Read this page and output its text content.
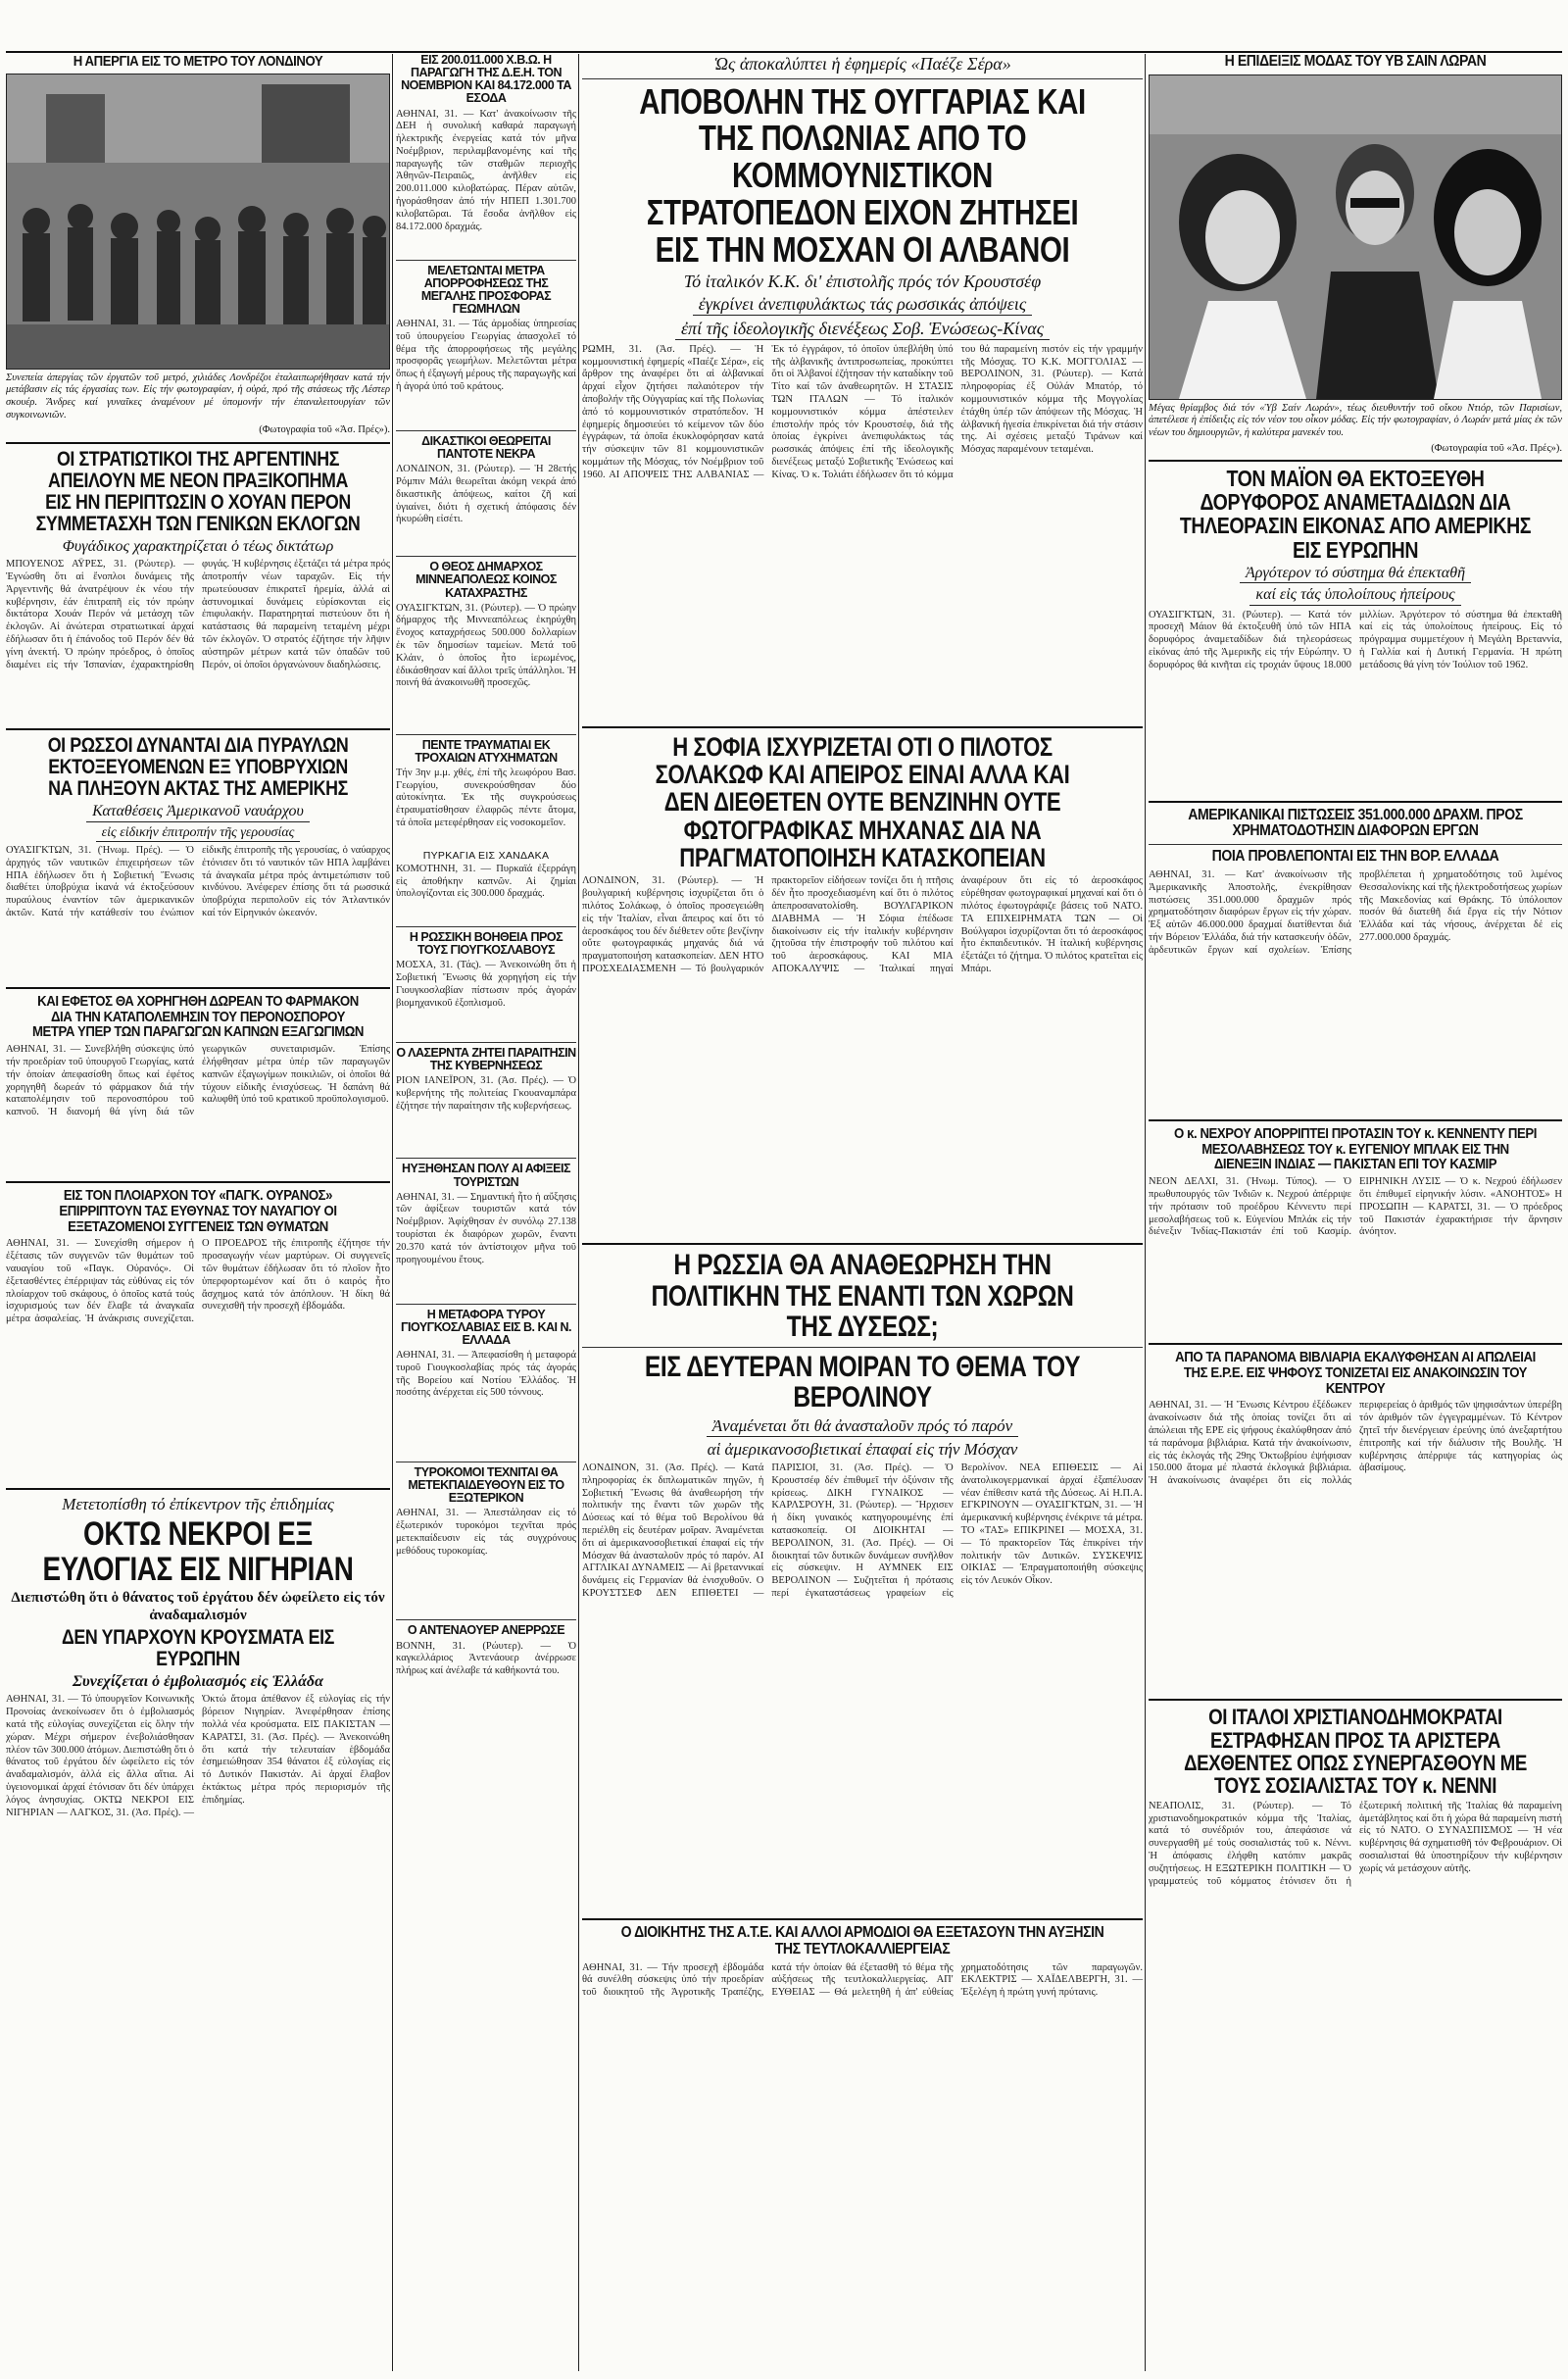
Η ΑΠΕΡΓΙΑ ΕΙΣ ΤΟ ΜΕΤΡΟ ΤΟΥ ΛΟΝΔΙΝΟΥ
Συνεπεία ἀπεργίας τῶν ἐργατῶν τοῦ μετρό, χιλιάδες Λονδρέζοι ἐταλαιπωρήθησαν κατά τήν μετάβασιν εἰς τάς ἐργασίας των. Εἰς τήν φωτογραφίαν, ἡ οὐρά, πρό τῆς στάσεως τῆς Λέστερ σκουέρ. Ἄνδρες καί γυναῖκες ἀναμένουν μέ ὑπομονήν τήν ἐπαναλειτουργίαν τῶν συγκοινωνιῶν.
(Φωτογραφία τοῦ «Ἀσ. Πρές»).
ΟΙ ΣΤΡΑΤΙΩΤΙΚΟΙ ΤΗΣ ΑΡΓΕΝΤΙΝΗΣ ΑΠΕΙΛΟΥΝ ΜΕ ΝΕΟΝ ΠΡΑΞΙΚΟΠΗΜΑ ΕΙΣ ΗΝ ΠΕΡΙΠΤΩΣΙΝ Ο ΧΟΥΑΝ ΠΕΡΟΝ ΣΥΜΜΕΤΑΣΧΗ ΤΩΝ ΓΕΝΙΚΩΝ ΕΚΛΟΓΩΝ
Φυγάδικος χαρακτηρίζεται ὁ τέως δικτάτωρ
ΜΠΟΥΕΝΟΣ ΑΫΡΕΣ, 31. (Ρώυτερ). — Ἐγνώσθη ὅτι αἱ ἔνοπλοι δυνάμεις τῆς Ἀργεντινῆς θά ἀνατρέψουν ἐκ νέου τήν κυβέρνησιν, ἐάν ἐπιτραπῆ εἰς τόν πρώην δικτάτορα Χουάν Περόν νά μετάσχη τῶν ἐκλογῶν. Αἱ ἀνώτεραι στρατιωτικαί ἀρχαί ἐδήλωσαν ὅτι ἡ ἐπάνοδος τοῦ Περόν δέν θά γίνη ἀνεκτή. Ὁ πρώην πρόεδρος, ὁ ὁποῖος διαμένει εἰς τήν Ἱσπανίαν, ἐχαρακτηρίσθη φυγάς. Ἡ κυβέρνησις ἐξετάζει τά μέτρα πρός ἀποτροπήν νέων ταραχῶν. Εἰς τήν πρωτεύουσαν ἐπικρατεῖ ἡρεμία, ἀλλά αἱ ἀστυνομικαί δυνάμεις εὑρίσκονται εἰς ἐπιφυλακήν. Παρατηρηταί πιστεύουν ὅτι ἡ κατάστασις θά παραμείνη τεταμένη μέχρι τῶν ἐκλογῶν. Ὁ στρατός ἐζήτησε τήν λῆψιν αὐστηρῶν μέτρων κατά τῶν ὀπαδῶν τοῦ Περόν, οἱ ὁποῖοι ὀργανώνουν διαδηλώσεις.
ΟΙ ΡΩΣΣΟΙ ΔΥΝΑΝΤΑΙ ΔΙΑ ΠΥΡΑΥΛΩΝ ΕΚΤΟΞΕΥΟΜΕΝΩΝ ΕΞ ΥΠΟΒΡΥΧΙΩΝ ΝΑ ΠΛΗΞΟΥΝ ΑΚΤΑΣ ΤΗΣ ΑΜΕΡΙΚΗΣ
Καταθέσεις Ἀμερικανοῦ ναυάρχου
εἰς εἰδικήν ἐπιτροπήν τῆς γερουσίας
ΟΥΑΣΙΓΚΤΩΝ, 31. (Ἡνωμ. Πρές). — Ὁ ἀρχηγός τῶν ναυτικῶν ἐπιχειρήσεων τῶν ΗΠΑ ἐδήλωσεν ὅτι ἡ Σοβιετική Ἕνωσις διαθέτει ὑποβρύχια ἱκανά νά ἐκτοξεύσουν πυραύλους ἐναντίον τῶν ἀμερικανικῶν ἀκτῶν. Κατά τήν κατάθεσίν του ἐνώπιον εἰδικῆς ἐπιτροπῆς τῆς γερουσίας, ὁ ναύαρχος ἐτόνισεν ὅτι τό ναυτικόν τῶν ΗΠΑ λαμβάνει τά ἀναγκαῖα μέτρα πρός ἀντιμετώπισιν τοῦ κινδύνου. Ἀνέφερεν ἐπίσης ὅτι τά ρωσσικά ὑποβρύχια περιπολοῦν εἰς τόν Ἀτλαντικόν καί τόν Εἰρηνικόν ὠκεανόν.
ΚΑΙ ΕΦΕΤΟΣ ΘΑ ΧΟΡΗΓΗΘΗ ΔΩΡΕΑΝ ΤΟ ΦΑΡΜΑΚΟΝ ΔΙΑ ΤΗΝ ΚΑΤΑΠΟΛΕΜΗΣΙΝ ΤΟΥ ΠΕΡΟΝΟΣΠΟΡΟΥ ΜΕΤΡΑ ΥΠΕΡ ΤΩΝ ΠΑΡΑΓΩΓΩΝ ΚΑΠΝΩΝ ΕΞΑΓΩΓΙΜΩΝ
ΑΘΗΝΑΙ, 31. — Συνεβλήθη σύσκεψις ὑπό τήν προεδρίαν τοῦ ὑπουργοῦ Γεωργίας, κατά τήν ὁποίαν ἀπεφασίσθη ὅπως καί ἐφέτος χορηγηθῆ δωρεάν τό φάρμακον διά τήν καταπολέμησιν τοῦ περονοσπόρου τοῦ καπνοῦ. Ἡ διανομή θά γίνη διά τῶν γεωργικῶν συνεταιρισμῶν. Ἐπίσης ἐλήφθησαν μέτρα ὑπέρ τῶν παραγωγῶν καπνῶν ἐξαγωγίμων ποικιλιῶν, οἱ ὁποῖοι θά τύχουν εἰδικῆς ἐνισχύσεως. Ἡ δαπάνη θά καλυφθῆ ὑπό τοῦ κρατικοῦ προϋπολογισμοῦ.
ΕΙΣ ΤΟΝ ΠΛΟΙΑΡΧΟΝ ΤΟΥ «ΠΑΓΚ. ΟΥΡΑΝΟΣ» ΕΠΙΡΡΙΠΤΟΥΝ ΤΑΣ ΕΥΘΥΝΑΣ ΤΟΥ ΝΑΥΑΓΙΟΥ ΟΙ ΕΞΕΤΑΖΟΜΕΝΟΙ ΣΥΓΓΕΝΕΙΣ ΤΩΝ ΘΥΜΑΤΩΝ
ΑΘΗΝΑΙ, 31. — Συνεχίσθη σήμερον ἡ ἐξέτασις τῶν συγγενῶν τῶν θυμάτων τοῦ ναυαγίου τοῦ «Παγκ. Οὐρανός». Οἱ ἐξετασθέντες ἐπέρριψαν τάς εὐθύνας εἰς τόν πλοίαρχον τοῦ σκάφους, ὁ ὁποῖος κατά τούς ἰσχυρισμούς των δέν ἔλαβε τά ἀναγκαῖα μέτρα ἀσφαλείας. Ἡ ἀνάκρισις συνεχίζεται. Ο ΠΡΟΕΔΡΟΣ τῆς ἐπιτροπῆς ἐζήτησε τήν προσαγωγήν νέων μαρτύρων. Οἱ συγγενεῖς τῶν θυμάτων ἐδήλωσαν ὅτι τό πλοῖον ἦτο ὑπερφορτωμένον καί ὅτι ὁ καιρός ἦτο ἄσχημος κατά τόν ἀπόπλουν. Ἡ δίκη θά συνεχισθῆ τήν προσεχῆ ἑβδομάδα.
Μετετοπίσθη τό ἐπίκεντρον τῆς ἐπιδημίας
ΟΚΤΩ ΝΕΚΡΟΙ ΕΞ ΕΥΛΟΓΙΑΣ ΕΙΣ ΝΙΓΗΡΙΑΝ
Διεπιστώθη ὅτι ὁ θάνατος τοῦ ἐργάτου δέν ὠφείλετο εἰς τόν ἀναδαμαλισμόν
ΔΕΝ ΥΠΑΡΧΟΥΝ ΚΡΟΥΣΜΑΤΑ ΕΙΣ ΕΥΡΩΠΗΝ
Συνεχίζεται ὁ ἐμβολιασμός εἰς Ἑλλάδα
ΑΘΗΝΑΙ, 31. — Τό ὑπουργεῖον Κοινωνικῆς Προνοίας ἀνεκοίνωσεν ὅτι ὁ ἐμβολιασμός κατά τῆς εὐλογίας συνεχίζεται εἰς ὅλην τήν χώραν. Μέχρι σήμερον ἐνεβολιάσθησαν πλέον τῶν 300.000 ἀτόμων. Διεπιστώθη ὅτι ὁ θάνατος τοῦ ἐργάτου δέν ὠφείλετο εἰς τόν ἀναδαμαλισμόν, ἀλλά εἰς ἄλλα αἴτια. Αἱ ὑγειονομικαί ἀρχαί ἐτόνισαν ὅτι δέν ὑπάρχει λόγος ἀνησυχίας. ΟΚΤΩ ΝΕΚΡΟΙ ΕΙΣ ΝΙΓΗΡΙΑΝ — ΛΑΓΚΟΣ, 31. (Ἀσ. Πρές). — Ὀκτώ ἄτομα ἀπέθανον ἐξ εὐλογίας εἰς τήν βόρειον Νιγηρίαν. Ἀνεφέρθησαν ἐπίσης πολλά νέα κρούσματα. ΕΙΣ ΠΑΚΙΣΤΑΝ — ΚΑΡΑΤΣΙ, 31. (Ἀσ. Πρές). — Ἀνεκοινώθη ὅτι κατά τήν τελευταίαν ἑβδομάδα ἐσημειώθησαν 354 θάνατοι ἐξ εὐλογίας εἰς τό Δυτικόν Πακιστάν. Αἱ ἀρχαί ἔλαβον ἐκτάκτως μέτρα πρός περιορισμόν τῆς ἐπιδημίας.
ΕΙΣ 200.011.000 Χ.Β.Ω. Η ΠΑΡΑΓΩΓΗ ΤΗΣ Δ.Ε.Η. ΤΟΝ ΝΟΕΜΒΡΙΟΝ ΚΑΙ 84.172.000 ΤΑ ΕΣΟΔΑ
ΑΘΗΝΑΙ, 31. — Κατ' ἀνακοίνωσιν τῆς ΔΕΗ ἡ συνολική καθαρά παραγωγή ἠλεκτρικῆς ἐνεργείας κατά τόν μῆνα Νοέμβριον, περιλαμβανομένης καί τῆς παραγωγῆς τῶν σταθμῶν περιοχῆς Ἀθηνῶν-Πειραιῶς, ἀνῆλθεν εἰς 200.011.000 κιλοβατώρας. Πέραν αὐτῶν, ἠγοράσθησαν ἀπό τήν ΗΠΕΠ 1.301.700 κιλοβατῶραι. Τά ἔσοδα ἀνῆλθον εἰς 84.172.000 δραχμάς.
ΜΕΛΕΤΩΝΤΑΙ ΜΕΤΡΑ ΑΠΟΡΡΟΦΗΣΕΩΣ ΤΗΣ ΜΕΓΑΛΗΣ ΠΡΟΣΦΟΡΑΣ ΓΕΩΜΗΛΩΝ
ΑΘΗΝΑΙ, 31. — Τάς ἀρμοδίας ὑπηρεσίας τοῦ ὑπουργείου Γεωργίας ἀπασχολεῖ τό θέμα τῆς ἀπορροφήσεως τῆς μεγάλης προσφορᾶς γεωμήλων. Μελετῶνται μέτρα ὅπως ἡ ἐξαγωγή μέρους τῆς παραγωγῆς καί ἡ ἀγορά ὑπό τοῦ κράτους.
ΔΙΚΑΣΤΙΚΟΙ ΘΕΩΡΕΙΤΑΙ ΠΑΝΤΟΤΕ ΝΕΚΡΑ
ΛΟΝΔΙΝΟΝ, 31. (Ρώυτερ). — Ἡ 28ετής Ρόμπιν Μάλι θεωρεῖται ἀκόμη νεκρά ἀπό δικαστικῆς ἀπόψεως, καίτοι ζῆ καί ὑγιαίνει, διότι ἡ σχετική ἀπόφασις δέν ἠκυρώθη εἰσέτι.
Ο ΘΕΟΣ ΔΗΜΑΡΧΟΣ ΜΙΝΝΕΑΠΟΛΕΩΣ ΚΟΙΝΟΣ ΚΑΤΑΧΡΑΣΤΗΣ
ΟΥΑΣΙΓΚΤΩΝ, 31. (Ρώυτερ). — Ὁ πρώην δήμαρχος τῆς Μιννεαπόλεως ἐκηρύχθη ἔνοχος καταχρήσεως 500.000 δολλαρίων ἐκ τῶν δημοσίων ταμείων. Μετά τοῦ Κλάιν, ὁ ὁποῖος ἦτο ἱερωμένος, ἐδικάσθησαν καί ἄλλοι τρεῖς ὑπάλληλοι. Ἡ ποινή θά ἀνακοινωθῆ προσεχῶς.
ΠΕΝΤΕ ΤΡΑΥΜΑΤΙΑΙ ΕΚ ΤΡΟΧΑΙΩΝ ΑΤΥΧΗΜΑΤΩΝ
Τήν 3ην μ.μ. χθές, ἐπί τῆς λεωφόρου Βασ. Γεωργίου, συνεκρούσθησαν δύο αὐτοκίνητα. Ἐκ τῆς συγκρούσεως ἐτραυματίσθησαν ἐλαφρῶς πέντε ἄτομα, τά ὁποῖα μετεφέρθησαν εἰς νοσοκομεῖον.
ΠΥΡΚΑΓΙΑ ΕΙΣ ΧΑΝΔΑΚΑ
ΚΟΜΟΤΗΝΗ, 31. — Πυρκαϊά ἐξερράγη εἰς ἀποθήκην καπνῶν. Αἱ ζημίαι ὑπολογίζονται εἰς 300.000 δραχμάς.
Η ΡΩΣΣΙΚΗ ΒΟΗΘΕΙΑ ΠΡΟΣ ΤΟΥΣ ΓΙΟΥΓΚΟΣΛΑΒΟΥΣ
ΜΟΣΧΑ, 31. (Τάς). — Ἀνεκοινώθη ὅτι ἡ Σοβιετική Ἕνωσις θά χορηγήση εἰς τήν Γιουγκοσλαβίαν πίστωσιν πρός ἀγοράν βιομηχανικοῦ ἐξοπλισμοῦ.
Ο ΛΑΣΕΡΝΤΑ ΖΗΤΕΙ ΠΑΡΑΙΤΗΣΙΝ ΤΗΣ ΚΥΒΕΡΝΗΣΕΩΣ
ΡΙΟΝ ΙΑΝΕΪΡΟΝ, 31. (Ἀσ. Πρές). — Ὁ κυβερνήτης τῆς πολιτείας Γκουαναμπάρα ἐζήτησε τήν παραίτησιν τῆς κυβερνήσεως.
ΗΥΞΗΘΗΣΑΝ ΠΟΛΥ ΑΙ ΑΦΙΞΕΙΣ ΤΟΥΡΙΣΤΩΝ
ΑΘΗΝΑΙ, 31. — Σημαντική ἦτο ἡ αὔξησις τῶν ἀφίξεων τουριστῶν κατά τόν Νοέμβριον. Ἀφίχθησαν ἐν συνόλῳ 27.138 τουρίσται ἐκ διαφόρων χωρῶν, ἔναντι 20.370 κατά τόν ἀντίστοιχον μῆνα τοῦ προηγουμένου ἔτους.
Η ΜΕΤΑΦΟΡΑ ΤΥΡΟΥ ΓΙΟΥΓΚΟΣΛΑΒΙΑΣ ΕΙΣ Β. ΚΑΙ Ν. ΕΛΛΑΔΑ
ΑΘΗΝΑΙ, 31. — Ἀπεφασίσθη ἡ μεταφορά τυροῦ Γιουγκοσλαβίας πρός τάς ἀγοράς τῆς Βορείου καί Νοτίου Ἑλλάδος. Ἡ ποσότης ἀνέρχεται εἰς 500 τόννους.
ΤΥΡΟΚΟΜΟΙ ΤΕΧΝΙΤΑΙ ΘΑ ΜΕΤΕΚΠΑΙΔΕΥΘΟΥΝ ΕΙΣ ΤΟ ΕΞΩΤΕΡΙΚΟΝ
ΑΘΗΝΑΙ, 31. — Ἀπεστάλησαν εἰς τό ἐξωτερικόν τυροκόμοι τεχνῖται πρός μετεκπαίδευσιν εἰς τάς συγχρόνους μεθόδους τυροκομίας.
Ο ΑΝΤΕΝΑΟΥΕΡ ΑΝΕΡΡΩΣΕ
ΒΟΝΝΗ, 31. (Ρώυτερ). — Ὁ καγκελλάριος Ἀντενάουερ ἀνέρρωσε πλήρως καί ἀνέλαβε τά καθήκοντά του.
Ὡς ἀποκαλύπτει ἡ ἐφημερίς «Παέζε Σέρα»
ΑΠΟΒΟΛΗΝ ΤΗΣ ΟΥΓΓΑΡΙΑΣ ΚΑΙ ΤΗΣ ΠΟΛΩΝΙΑΣ ΑΠΟ ΤΟ ΚΟΜΜΟΥΝΙΣΤΙΚΟΝ ΣΤΡΑΤΟΠΕΔΟΝ ΕΙΧΟΝ ΖΗΤΗΣΕΙ ΕΙΣ ΤΗΝ ΜΟΣΧΑΝ ΟΙ ΑΛΒΑΝΟΙ
Τό ἰταλικόν Κ.Κ. δι' ἐπιστολῆς πρός τόν Κρουστσέφ
ἐγκρίνει ἀνεπιφυλάκτως τάς ρωσσικάς ἀπόψεις
ἐπί τῆς ἰδεολογικῆς διενέξεως Σοβ. Ἑνώσεως-Κίνας
ΡΩΜΗ, 31. (Ἀσ. Πρές). — Ἡ κομμουνιστική ἐφημερίς «Παέζε Σέρα», εἰς ἄρθρον της ἀναφέρει ὅτι αἱ ἀλβανικαί ἀρχαί εἶχον ζητήσει παλαιότερον τήν ἀποβολήν τῆς Οὐγγαρίας καί τῆς Πολωνίας ἀπό τό κομμουνιστικόν στρατόπεδον. Ἡ ἐφημερίς δημοσιεύει τό κείμενον τῶν δύο ἐγγράφων, τά ὁποῖα ἐκυκλοφόρησαν κατά τήν σύσκεψιν τῶν 81 κομμουνιστικῶν κομμάτων τῆς Μόσχας, τόν Νοέμβριον τοῦ 1960. ΑΙ ΑΠΟΨΕΙΣ ΤΗΣ ΑΛΒΑΝΙΑΣ — Ἐκ τό ἐγγράφον, τό ὁποῖον ὑπεβλήθη ὑπό τῆς ἀλβανικῆς ἀντιπροσωπείας, προκύπτει ὅτι οἱ Ἀλβανοί ἐζήτησαν τήν καταδίκην τοῦ Τίτο καί τῶν ἀναθεωρητῶν. Η ΣΤΑΣΙΣ ΤΩΝ ΙΤΑΛΩΝ — Τό ἰταλικόν κομμουνιστικόν κόμμα ἀπέστειλεν ἐπιστολήν πρός τόν Κρουστσέφ, διά τῆς ὁποίας ἐγκρίνει ἀνεπιφυλάκτως τάς ρωσσικάς ἀπόψεις ἐπί τῆς ἰδεολογικῆς διενέξεως μεταξύ Σοβιετικῆς Ἑνώσεως καί Κίνας. Ὁ κ. Τολιάτι ἐδήλωσεν ὅτι τό κόμμα του θά παραμείνη πιστόν εἰς τήν γραμμήν τῆς Μόσχας. ΤΟ Κ.Κ. ΜΟΓΓΟΛΙΑΣ — ΒΕΡΟΛΙΝΟΝ, 31. (Ρώυτερ). — Κατά πληροφορίας ἐξ Οὐλάν Μπατόρ, τό κομμουνιστικόν κόμμα τῆς Μογγολίας ἐτάχθη ὑπέρ τῶν ἀπόψεων τῆς Μόσχας. Ἡ ἀλβανική ἡγεσία ἐπικρίνεται διά τήν στάσιν της. Αἱ σχέσεις μεταξύ Τιράνων καί Μόσχας παραμένουν τεταμέναι.
Η ΣΟΦΙΑ ΙΣΧΥΡΙΖΕΤΑΙ ΟΤΙ Ο ΠΙΛΟΤΟΣ ΣΟΛΑΚΩΦ ΚΑΙ ΑΠΕΙΡΟΣ ΕΙΝΑΙ ΑΛΛΑ ΚΑΙ ΔΕΝ ΔΙΕΘΕΤΕΝ ΟΥΤΕ ΒΕΝΖΙΝΗΝ ΟΥΤΕ ΦΩΤΟΓΡΑΦΙΚΑΣ ΜΗΧΑΝΑΣ ΔΙΑ ΝΑ ΠΡΑΓΜΑΤΟΠΟΙΗΣΗ ΚΑΤΑΣΚΟΠΕΙΑΝ
ΛΟΝΔΙΝΟΝ, 31. (Ρώυτερ). — Ἡ βουλγαρική κυβέρνησις ἰσχυρίζεται ὅτι ὁ πιλότος Σολάκωφ, ὁ ὁποῖος προσεγειώθη εἰς τήν Ἰταλίαν, εἶναι ἄπειρος καί ὅτι τό ἀεροσκάφος του δέν διέθετεν οὔτε βενζίνην οὔτε φωτογραφικάς μηχανάς διά νά πραγματοποιήση κατασκοπείαν. ΔΕΝ ΗΤΟ ΠΡΟΣΧΕΔΙΑΣΜΕΝΗ — Τό βουλγαρικόν πρακτορεῖον εἰδήσεων τονίζει ὅτι ἡ πτῆσις δέν ἦτο προσχεδιασμένη καί ὅτι ὁ πιλότος ἀπεπροσανατολίσθη. ΒΟΥΛΓΑΡΙΚΟΝ ΔΙΑΒΗΜΑ — Ἡ Σόφια ἐπέδωσε διακοίνωσιν εἰς τήν ἰταλικήν κυβέρνησιν ζητοῦσα τήν ἐπιστροφήν τοῦ πιλότου καί τοῦ ἀεροσκάφους. ΚΑΙ ΜΙΑ ΑΠΟΚΑΛΥΨΙΣ — Ἰταλικαί πηγαί ἀναφέρουν ὅτι εἰς τό ἀεροσκάφος εὑρέθησαν φωτογραφικαί μηχαναί καί ὅτι ὁ πιλότος ἐφωτογράφιζε βάσεις τοῦ ΝΑΤΟ. ΤΑ ΕΠΙΧΕΙΡΗΜΑΤΑ ΤΩΝ — Οἱ Βούλγαροι ἰσχυρίζονται ὅτι τό ἀεροσκάφος ἦτο ἐκπαιδευτικόν. Ἡ ἰταλική κυβέρνησις ἐξετάζει τό ζήτημα. Ὁ πιλότος κρατεῖται εἰς Μπάρι.
Η ΡΩΣΣΙΑ ΘΑ ΑΝΑΘΕΩΡΗΣΗ ΤΗΝ ΠΟΛΙΤΙΚΗΝ ΤΗΣ ΕΝΑΝΤΙ ΤΩΝ ΧΩΡΩΝ ΤΗΣ ΔΥΣΕΩΣ;
ΕΙΣ ΔΕΥΤΕΡΑΝ ΜΟΙΡΑΝ ΤΟ ΘΕΜΑ ΤΟΥ ΒΕΡΟΛΙΝΟΥ
Ἀναμένεται ὅτι θά ἀνασταλοῦν πρός τό παρόν
αἱ ἀμερικανοσοβιετικαί ἐπαφαί εἰς τήν Μόσχαν
ΛΟΝΔΙΝΟΝ, 31. (Ἀσ. Πρές). — Κατά πληροφορίας ἐκ διπλωματικῶν πηγῶν, ἡ Σοβιετική Ἕνωσις θά ἀναθεωρήση τήν πολιτικήν της ἔναντι τῶν χωρῶν τῆς Δύσεως καί τό θέμα τοῦ Βερολίνου θά περιέλθη εἰς δευτέραν μοῖραν. Ἀναμένεται ὅτι αἱ ἀμερικανοσοβιετικαί ἐπαφαί εἰς τήν Μόσχαν θά ἀνασταλοῦν πρός τό παρόν. ΑΙ ΑΓΓΛΙΚΑΙ ΔΥΝΑΜΕΙΣ — Αἱ βρεταννικαί δυνάμεις εἰς Γερμανίαν θά ἐνισχυθοῦν. Ο ΚΡΟΥΣΤΣΕΦ ΔΕΝ ΕΠΙΘΕΤΕΙ — ΠΑΡΙΣΙΟΙ, 31. (Ἀσ. Πρές). — Ὁ Κρουστσέφ δέν ἐπιθυμεῖ τήν ὀξύνσιν τῆς κρίσεως. ΔΙΚΗ ΓΥΝΑΙΚΟΣ — ΚΑΡΛΣΡΟΥΗ, 31. (Ρώυτερ). — Ἤρχισεν ἡ δίκη γυναικός κατηγορουμένης ἐπί κατασκοπείᾳ. ΟΙ ΔΙΟΙΚΗΤΑΙ — ΒΕΡΟΛΙΝΟΝ, 31. (Ἀσ. Πρές). — Οἱ διοικηταί τῶν δυτικῶν δυνάμεων συνῆλθον εἰς σύσκεψιν. Η ΑΥΜΝΕΚ ΕΙΣ ΒΕΡΟΛΙΝΟΝ — Συζητεῖται ἡ πρότασις περί ἐγκαταστάσεως γραφείων εἰς Βερολίνον. ΝΕΑ ΕΠΙΘΕΣΙΣ — Αἱ ἀνατολικογερμανικαί ἀρχαί ἐξαπέλυσαν νέαν ἐπίθεσιν κατά τῆς Δύσεως. Αἱ Η.Π.Α. ΕΓΚΡΙΝΟΥΝ — ΟΥΑΣΙΓΚΤΩΝ, 31. — Ἡ ἀμερικανική κυβέρνησις ἐνέκρινε τά μέτρα. ΤΟ «ΤΑΣ» ΕΠΙΚΡΙΝΕΙ — ΜΟΣΧΑ, 31. — Τό πρακτορεῖον Τάς ἐπικρίνει τήν πολιτικήν τῶν Δυτικῶν. ΣΥΣΚΕΨΙΣ ΟΙΚΙΑΣ — Ἐπραγματοποιήθη σύσκεψις εἰς τόν Λευκόν Οἶκον.
Ο ΔΙΟΙΚΗΤΗΣ ΤΗΣ Α.Τ.Ε. ΚΑΙ ΑΛΛΟΙ ΑΡΜΟΔΙΟΙ ΘΑ ΕΞΕΤΑΣΟΥΝ ΤΗΝ ΑΥΞΗΣΙΝ ΤΗΣ ΤΕΥΤΛΟΚΑΛΛΙΕΡΓΕΙΑΣ
ΑΘΗΝΑΙ, 31. — Τήν προσεχῆ ἑβδομάδα θά συνέλθη σύσκεψις ὑπό τήν προεδρίαν τοῦ διοικητοῦ τῆς Ἀγροτικῆς Τραπέζης, κατά τήν ὁποίαν θά ἐξετασθῆ τό θέμα τῆς αὐξήσεως τῆς τευτλοκαλλιεργείας. ΑΠ' ΕΥΘΕΙΑΣ — Θά μελετηθῆ ἡ ἀπ' εὐθείας χρηματοδότησις τῶν παραγωγῶν. ΕΚΛΕΚΤΡΙΣ — ΧΑΪΔΕΛΒΕΡΓΗ, 31. — Ἐξελέγη ἡ πρώτη γυνή πρύτανις.
Η ΕΠΙΔΕΙΞΙΣ ΜΟΔΑΣ ΤΟΥ ΥΒ ΣΑΙΝ ΛΩΡΑΝ
Μέγας θρίαμβος διά τόν «Ὑβ Σαίν Λωράν», τέως διευθυντήν τοῦ οἴκου Ντιόρ, τῶν Παρισίων, ἀπετέλεσε ἡ ἐπίδειξις εἰς τόν νέον του οἶκον μόδας. Εἰς τήν φωτογραφίαν, ὁ Λωράν μετά μίας ἐκ τῶν νέων του δημιουργιῶν, ἡ καλύτερα μανεκέν του.
(Φωτογραφία τοῦ «Ἀσ. Πρές»).
ΤΟΝ ΜΑΪΟΝ ΘΑ ΕΚΤΟΞΕΥΘΗ ΔΟΡΥΦΟΡΟΣ ΑΝΑΜΕΤΑΔΙΔΩΝ ΔΙΑ ΤΗΛΕΟΡΑΣΙΝ ΕΙΚΟΝΑΣ ΑΠΟ ΑΜΕΡΙΚΗΣ ΕΙΣ ΕΥΡΩΠΗΝ
Ἀργότερον τό σύστημα θά ἐπεκταθῆ
καί εἰς τάς ὑπολοίπους ἠπείρους
ΟΥΑΣΙΓΚΤΩΝ, 31. (Ρώυτερ). — Κατά τόν προσεχῆ Μάιον θά ἐκτοξευθῆ ὑπό τῶν ΗΠΑ δορυφόρος ἀναμεταδίδων διά τηλεοράσεως εἰκόνας ἀπό τῆς Ἀμερικῆς εἰς τήν Εὐρώπην. Ὁ δορυφόρος θά κινῆται εἰς τροχιάν ὕψους 18.000 μιλλίων. Ἀργότερον τό σύστημα θά ἐπεκταθῆ καί εἰς τάς ὑπολοίπους ἠπείρους. Εἰς τό πρόγραμμα συμμετέχουν ἡ Μεγάλη Βρεταννία, ἡ Γαλλία καί ἡ Δυτική Γερμανία. Ἡ πρώτη μετάδοσις θά γίνη τόν Ἰούλιον τοῦ 1962.
ΑΜΕΡΙΚΑΝΙΚΑΙ ΠΙΣΤΩΣΕΙΣ 351.000.000 ΔΡΑΧΜ. ΠΡΟΣ ΧΡΗΜΑΤΟΔΟΤΗΣΙΝ ΔΙΑΦΟΡΩΝ ΕΡΓΩΝ
ΠΟΙΑ ΠΡΟΒΛΕΠΟΝΤΑΙ ΕΙΣ ΤΗΝ ΒΟΡ. ΕΛΛΑΔΑ
ΑΘΗΝΑΙ, 31. — Κατ' ἀνακοίνωσιν τῆς Ἀμερικανικῆς Ἀποστολῆς, ἐνεκρίθησαν πιστώσεις 351.000.000 δραχμῶν πρός χρηματοδότησιν διαφόρων ἔργων εἰς τήν χώραν. Ἐξ αὐτῶν 46.000.000 δραχμαί διατίθενται διά τήν Βόρειον Ἑλλάδα, διά τήν κατασκευήν ὁδῶν, ἀρδευτικῶν ἔργων καί σχολείων. Ἐπίσης προβλέπεται ἡ χρηματοδότησις τοῦ λιμένος Θεσσαλονίκης καί τῆς ἠλεκτροδοτήσεως χωρίων τῆς Μακεδονίας καί Θράκης. Τό ὑπόλοιπον ποσόν θά διατεθῆ διά ἔργα εἰς τήν Νότιον Ἑλλάδα καί τάς νήσους, ἀνέρχεται δέ εἰς 277.000.000 δραχμάς.
Ο κ. ΝΕΧΡΟΥ ΑΠΟΡΡΙΠΤΕΙ ΠΡΟΤΑΣΙΝ ΤΟΥ κ. ΚΕΝΝΕΝΤΥ ΠΕΡΙ ΜΕΣΟΛΑΒΗΣΕΩΣ ΤΟΥ κ. ΕΥΓΕΝΙΟΥ ΜΠΛΑΚ ΕΙΣ ΤΗΝ ΔΙΕΝΕΞΙΝ ΙΝΔΙΑΣ — ΠΑΚΙΣΤΑΝ ΕΠΙ ΤΟΥ ΚΑΣΜΙΡ
ΝΕΟΝ ΔΕΛΧΙ, 31. (Ἡνωμ. Τύπος). — Ὁ πρωθυπουργός τῶν Ἰνδιῶν κ. Νεχρού ἀπέρριψε τήν πρότασιν τοῦ προέδρου Κέννεντυ περί μεσολαβήσεως τοῦ κ. Εὐγενίου Μπλάκ εἰς τήν διένεξιν Ἰνδίας-Πακιστάν ἐπί τοῦ Κασμίρ. ΕΙΡΗΝΙΚΗ ΛΥΣΙΣ — Ὁ κ. Νεχρού ἐδήλωσεν ὅτι ἐπιθυμεῖ εἰρηνικήν λύσιν. «ΑΝΟΗΤΟΣ» Η ΠΡΟΣΩΠΗ — ΚΑΡΑΤΣΙ, 31. — Ὁ πρόεδρος τοῦ Πακιστάν ἐχαρακτήρισε τήν ἄρνησιν ἀνόητον.
ΑΠΟ ΤΑ ΠΑΡΑΝΟΜΑ ΒΙΒΛΙΑΡΙΑ ΕΚΑΛΥΦΘΗΣΑΝ ΑΙ ΑΠΩΛΕΙΑΙ ΤΗΣ Ε.Ρ.Ε. ΕΙΣ ΨΗΦΟΥΣ ΤΟΝΙΖΕΤΑΙ ΕΙΣ ΑΝΑΚΟΙΝΩΣΙΝ ΤΟΥ ΚΕΝΤΡΟΥ
ΑΘΗΝΑΙ, 31. — Ἡ Ἕνωσις Κέντρου ἐξέδωκεν ἀνακοίνωσιν διά τῆς ὁποίας τονίζει ὅτι αἱ ἀπώλειαι τῆς ΕΡΕ εἰς ψήφους ἐκαλύφθησαν ἀπό τά παράνομα βιβλιάρια. Κατά τήν ἀνακοίνωσιν, εἰς τάς ἐκλογάς τῆς 29ης Ὀκτωβρίου ἐψήφισαν 150.000 ἄτομα μέ πλαστά ἐκλογικά βιβλιάρια. Ἡ ἀνακοίνωσις ἀναφέρει ὅτι εἰς πολλάς περιφερείας ὁ ἀριθμός τῶν ψηφισάντων ὑπερέβη τόν ἀριθμόν τῶν ἐγγεγραμμένων. Τό Κέντρον ζητεῖ τήν διενέργειαν ἐρεύνης ὑπό ἀνεξαρτήτου ἐπιτροπῆς καί τήν διάλυσιν τῆς Βουλῆς. Ἡ κυβέρνησις ἀπέρριψε τάς κατηγορίας ὡς ἀβασίμους.
ΟΙ ΙΤΑΛΟΙ ΧΡΙΣΤΙΑΝΟΔΗΜΟΚΡΑΤΑΙ ΕΣΤΡΑΦΗΣΑΝ ΠΡΟΣ ΤΑ ΑΡΙΣΤΕΡΑ ΔΕΧΘΕΝΤΕΣ ΟΠΩΣ ΣΥΝΕΡΓΑΣΘΟΥΝ ΜΕ ΤΟΥΣ ΣΟΣΙΑΛΙΣΤΑΣ ΤΟΥ κ. ΝΕΝΝΙ
ΝΕΑΠΟΛΙΣ, 31. (Ρώυτερ). — Τό χριστιανοδημοκρατικόν κόμμα τῆς Ἰταλίας, κατά τό συνέδριόν του, ἀπεφάσισε νά συνεργασθῆ μέ τούς σοσιαλιστάς τοῦ κ. Νέννι. Ἡ ἀπόφασις ἐλήφθη κατόπιν μακρᾶς συζητήσεως. Η ΕΞΩΤΕΡΙΚΗ ΠΟΛΙΤΙΚΗ — Ὁ γραμματεύς τοῦ κόμματος ἐτόνισεν ὅτι ἡ ἐξωτερική πολιτική τῆς Ἰταλίας θά παραμείνη ἀμετάβλητος καί ὅτι ἡ χώρα θά παραμείνη πιστή εἰς τό ΝΑΤΟ. Ο ΣΥΝΑΣΠΙΣΜΟΣ — Ἡ νέα κυβέρνησις θά σχηματισθῆ τόν Φεβρουάριον. Οἱ σοσιαλισταί θά ὑποστηρίξουν τήν κυβέρνησιν χωρίς νά μετάσχουν αὐτῆς.
